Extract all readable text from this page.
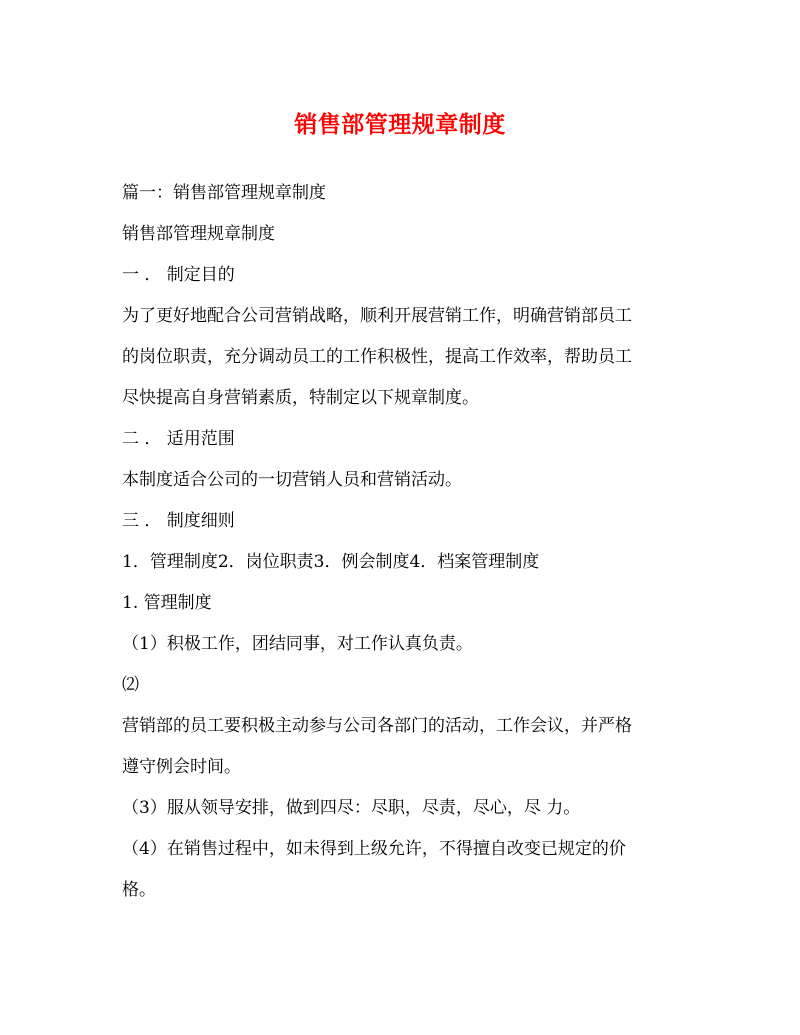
销售部管理规章制度

篇一：销售部管理规章制度

销售部管理规章制度

一 ． 制定目的

为了更好地配合公司营销战略，顺利开展营销工作，明确营销部员工

的岗位职责，充分调动员工的工作积极性，提高工作效率，帮助员工

尽快提高自身营销素质，特制定以下规章制度。

二 ． 适用范围

本制度适合公司的一切营销人员和营销活动。

三 ． 制度细则

1．管理制度2．岗位职责3．例会制度4．档案管理制度

1. 管理制度

（1）积极工作，团结同事，对工作认真负责。

⑵

营销部的员工要积极主动参与公司各部门的活动，工作会议，并严格

遵守例会时间。

（3）服从领导安排，做到四尽：尽职，尽责，尽心，尽 力。

（4）在销售过程中，如未得到上级允许，不得擅自改变已规定的价

格。
